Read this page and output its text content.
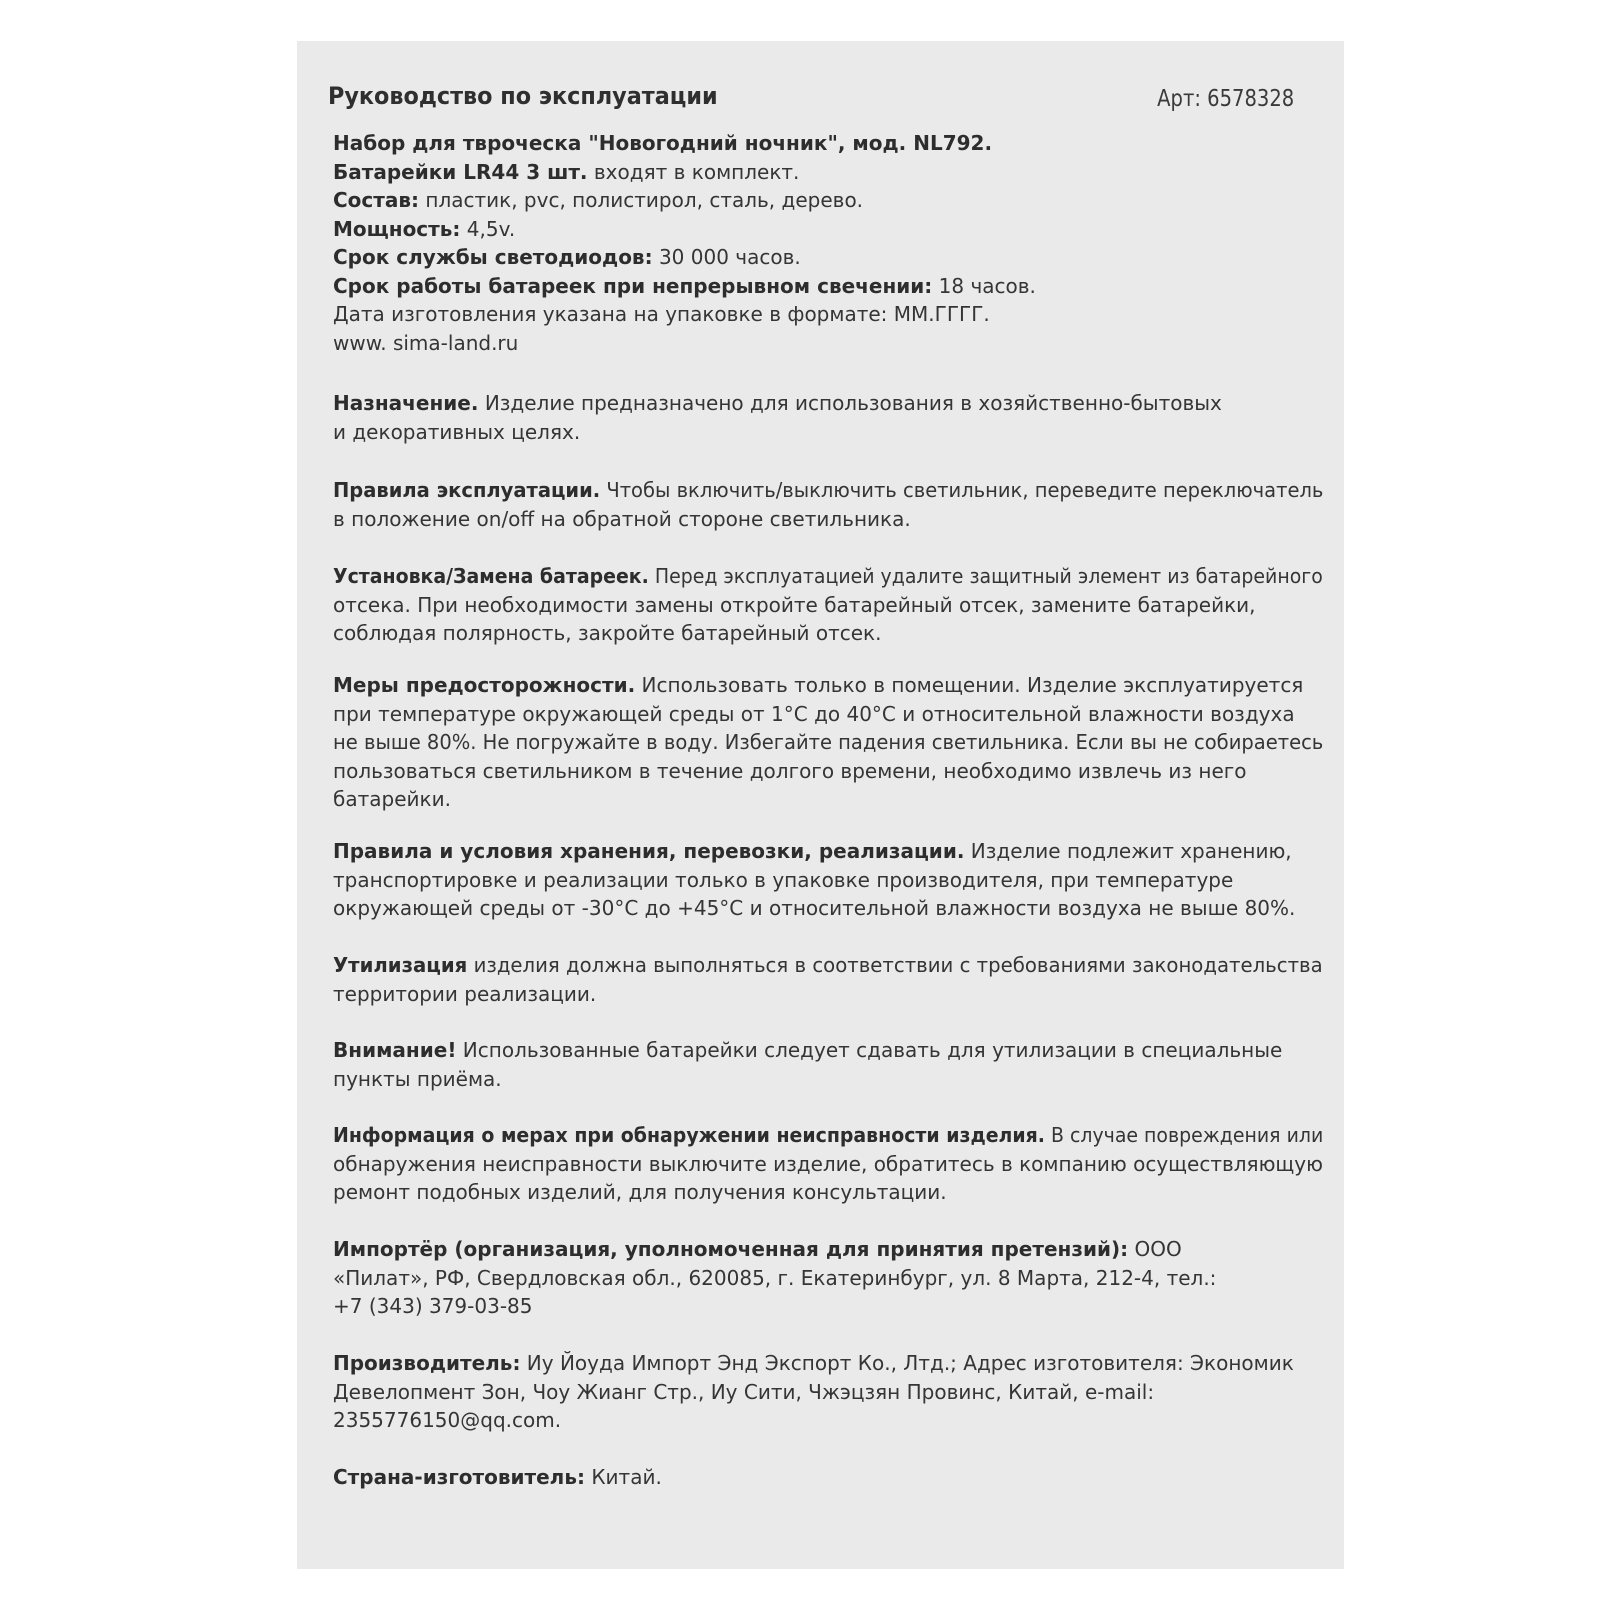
Руководство по эксплуатации	Арт: 6578328
Набор для твроческа "Новогодний ночник", мод. NL792.
Батарейки LR44 3 шт. входят в комплект.
Состав: пластик, pvc, полистирол, сталь, дерево.
Мощность: 4,5v.
Срок службы светодиодов: 30 000 часов.
Срок работы батареек при непрерывном свечении: 18 часов.
Дата изготовления указана на упаковке в формате: ММ.ГГГГ.
www. sima-land.ru
Назначение. Изделие предназначено для использования в хозяйственно-бытовых
и декоративных целях.
Правила эксплуатации. Чтобы включить/выключить светильник, переведите переключатель
в положение on/off на обратной стороне светильника.
Установка/Замена батареек. Перед эксплуатацией удалите защитный элемент из батарейного
отсека. При необходимости замены откройте батарейный отсек, замените батарейки,
соблюдая полярность, закройте батарейный отсек.
Меры предосторожности. Использовать только в помещении. Изделие эксплуатируется
при температуре окружающей среды от 1°С до 40°С и относительной влажности воздуха
не выше 80%. Не погружайте в воду. Избегайте падения светильника. Если вы не собираетесь
пользоваться светильником в течение долгого времени, необходимо извлечь из него
батарейки.
Правила и условия хранения, перевозки, реализации. Изделие подлежит хранению,
транспортировке и реализации только в упаковке производителя, при температуре
окружающей среды от -30°С до +45°С и относительной влажности воздуха не выше 80%.
Утилизация изделия должна выполняться в соответствии с требованиями законодательства
территории реализации.
Внимание! Использованные батарейки следует сдавать для утилизации в специальные
пункты приёма.
Информация о мерах при обнаружении неисправности изделия. В случае повреждения или
обнаружения неисправности выключите изделие, обратитесь в компанию осуществляющую
ремонт подобных изделий, для получения консультации.
Импортёр (организация, уполномоченная для принятия претензий): ООО
«Пилат», РФ, Свердловская обл., 620085, г. Екатеринбург, ул. 8 Марта, 212-4, тел.:
+7 (343) 379-03-85
Производитель: Иу Йоуда Импорт Энд Экспорт Ко., Лтд.; Адрес изготовителя: Экономик
Девелопмент Зон, Чоу Жианг Стр., Иу Сити, Чжэцзян Провинс, Китай, e-mail:
2355776150@qq.com.
Страна-изготовитель: Китай.
